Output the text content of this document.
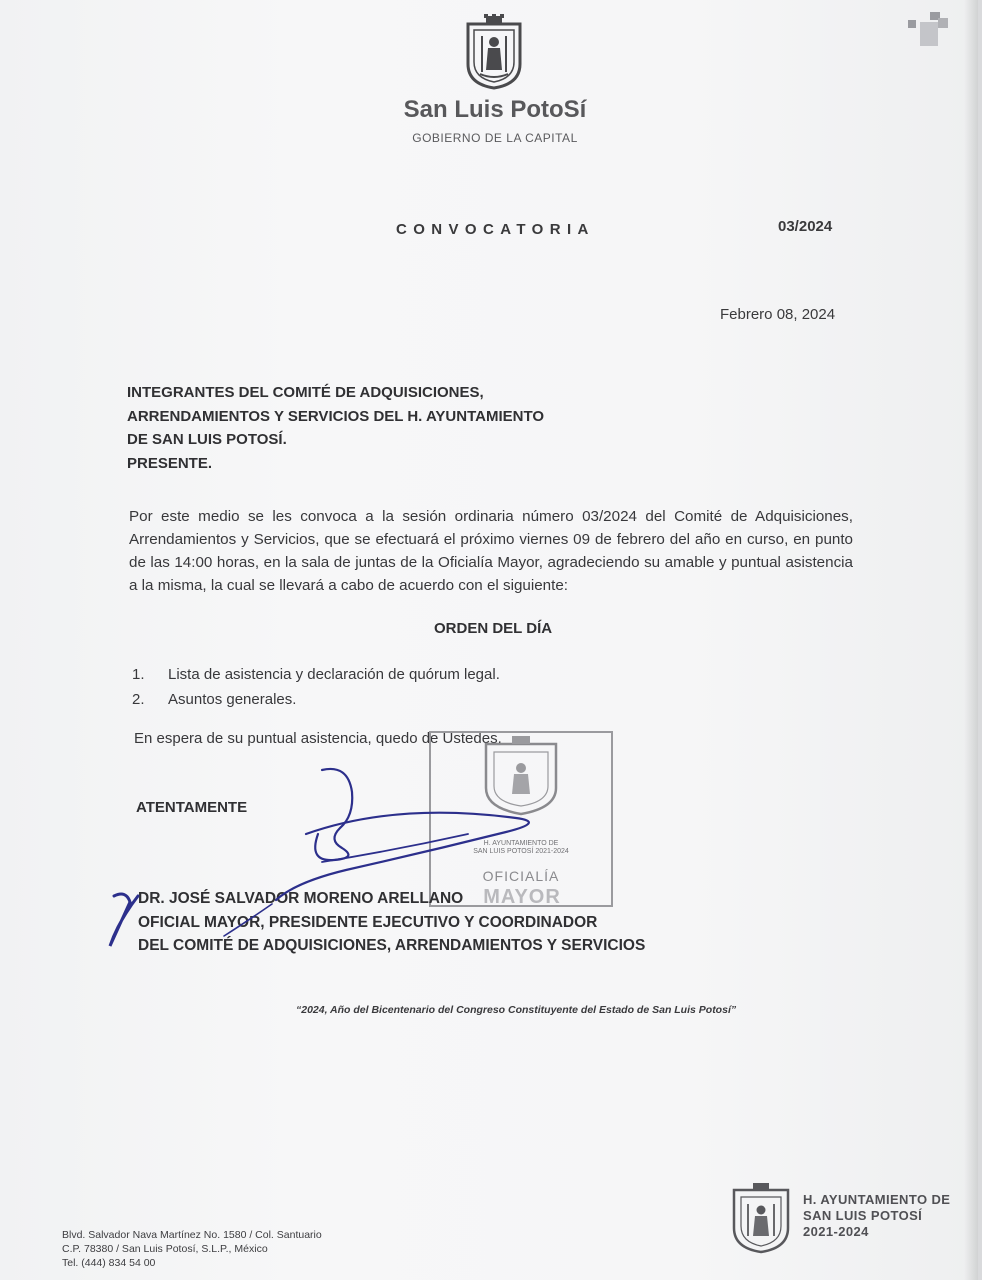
San Luis PotoSí
GOBIERNO DE LA CAPITAL
CONVOCATORIA	03/2024
Febrero 08, 2024
INTEGRANTES DEL COMITÉ DE ADQUISICIONES,
ARRENDAMIENTOS Y SERVICIOS DEL H. AYUNTAMIENTO
DE SAN LUIS POTOSÍ.
PRESENTE.
Por este medio se les convoca a la sesión ordinaria número 03/2024 del Comité de Adquisiciones, Arrendamientos y Servicios, que se efectuará el próximo viernes 09 de febrero del año en curso, en punto de las 14:00 horas, en la sala de juntas de la Oficialía Mayor, agradeciendo su amable y puntual asistencia a la misma, la cual se llevará a cabo de acuerdo con el siguiente:
ORDEN DEL DÍA
1. Lista de asistencia y declaración de quórum legal.
2. Asuntos generales.
En espera de su puntual asistencia, quedo de Ustedes.
H. AYUNTAMIENTO DE
SAN LUIS POTOSÍ 2021-2024
OFICIALÍA
MAYOR
ATENTAMENTE
DR. JOSÉ SALVADOR MORENO ARELLANO
OFICIAL MAYOR, PRESIDENTE EJECUTIVO Y COORDINADOR
DEL COMITÉ DE ADQUISICIONES, ARRENDAMIENTOS Y SERVICIOS
“2024, Año del Bicentenario del Congreso Constituyente del Estado de San Luis Potosí”
Blvd. Salvador Nava Martínez No. 1580 / Col. Santuario
C.P. 78380 / San Luis Potosí, S.L.P., México
Tel. (444) 834 54 00
H. AYUNTAMIENTO DE
SAN LUIS POTOSÍ
2021-2024
